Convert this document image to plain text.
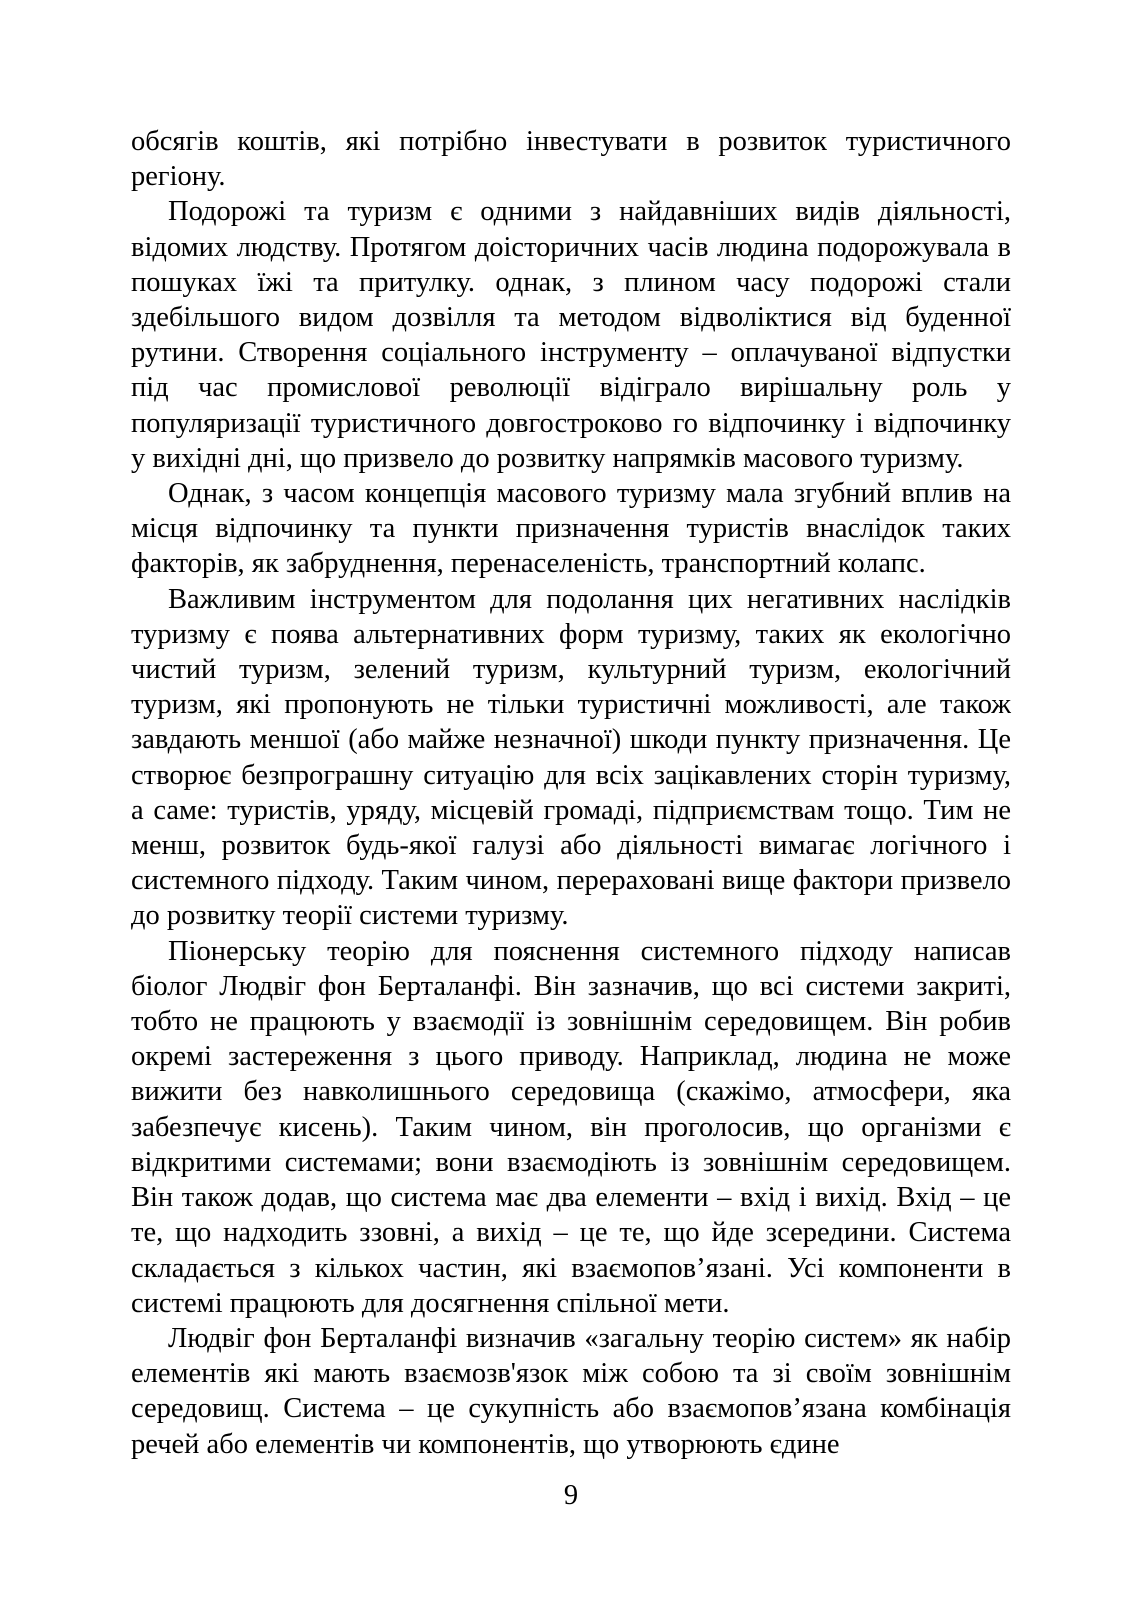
обсягів коштів, які потрібно інвестувати в розвиток туристичного регіону.

Подорожі та туризм є одними з найдавніших видів діяльності, відомих людству. Протягом доісторичних часів людина подорожувала в пошуках їжі та притулку. однак, з плином часу подорожі стали здебільшого видом дозвілля та методом відволіктися від буденної рутини. Створення соціального інструменту – оплачуваної відпустки під час промислової революції відіграло вирішальну роль у популяризації туристичного довгостроково го відпочинку і відпочинку у вихідні дні, що призвело до розвитку напрямків масового туризму.

Однак, з часом концепція масового туризму мала згубний вплив на місця відпочинку та пункти призначення туристів внаслідок таких факторів, як забруднення, перенаселеність, транспортний колапс.

Важливим інструментом для подолання цих негативних наслідків туризму є поява альтернативних форм туризму, таких як екологічно чистий туризм, зелений туризм, культурний туризм, екологічний туризм, які пропонують не тільки туристичні можливості, але також завдають меншої (або майже незначної) шкоди пункту призначення. Це створює безпрограшну ситуацію для всіх зацікавлених сторін туризму, а саме: туристів, уряду, місцевій громаді, підприємствам тощо. Тим не менш, розвиток будь-якої галузі або діяльності вимагає логічного і системного підходу. Таким чином, перераховані вище фактори призвело до розвитку теорії системи туризму.

Піонерську теорію для пояснення системного підходу написав біолог Людвіг фон Берталанфі. Він зазначив, що всі системи закриті, тобто не працюють у взаємодії із зовнішнім середовищем. Він робив окремі застереження з цього приводу. Наприклад, людина не може вижити без навколишнього середовища (скажімо, атмосфери, яка забезпечує кисень). Таким чином, він проголосив, що організми є відкритими системами; вони взаємодіють із зовнішнім середовищем. Він також додав, що система має два елементи – вхід і вихід. Вхід – це те, що надходить ззовні, а вихід – це те, що йде зсередини. Система складається з кількох частин, які взаємопов’язані. Усі компоненти в системі працюють для досягнення спільної мети.

Людвіг фон Берталанфі визначив «загальну теорію систем» як набір елементів які мають взаємозв'язок між собою та зі своїм зовнішнім середовищ. Система – це сукупність або взаємопов’язана комбінація речей або елементів чи компонентів, що утворюють єдине

9
